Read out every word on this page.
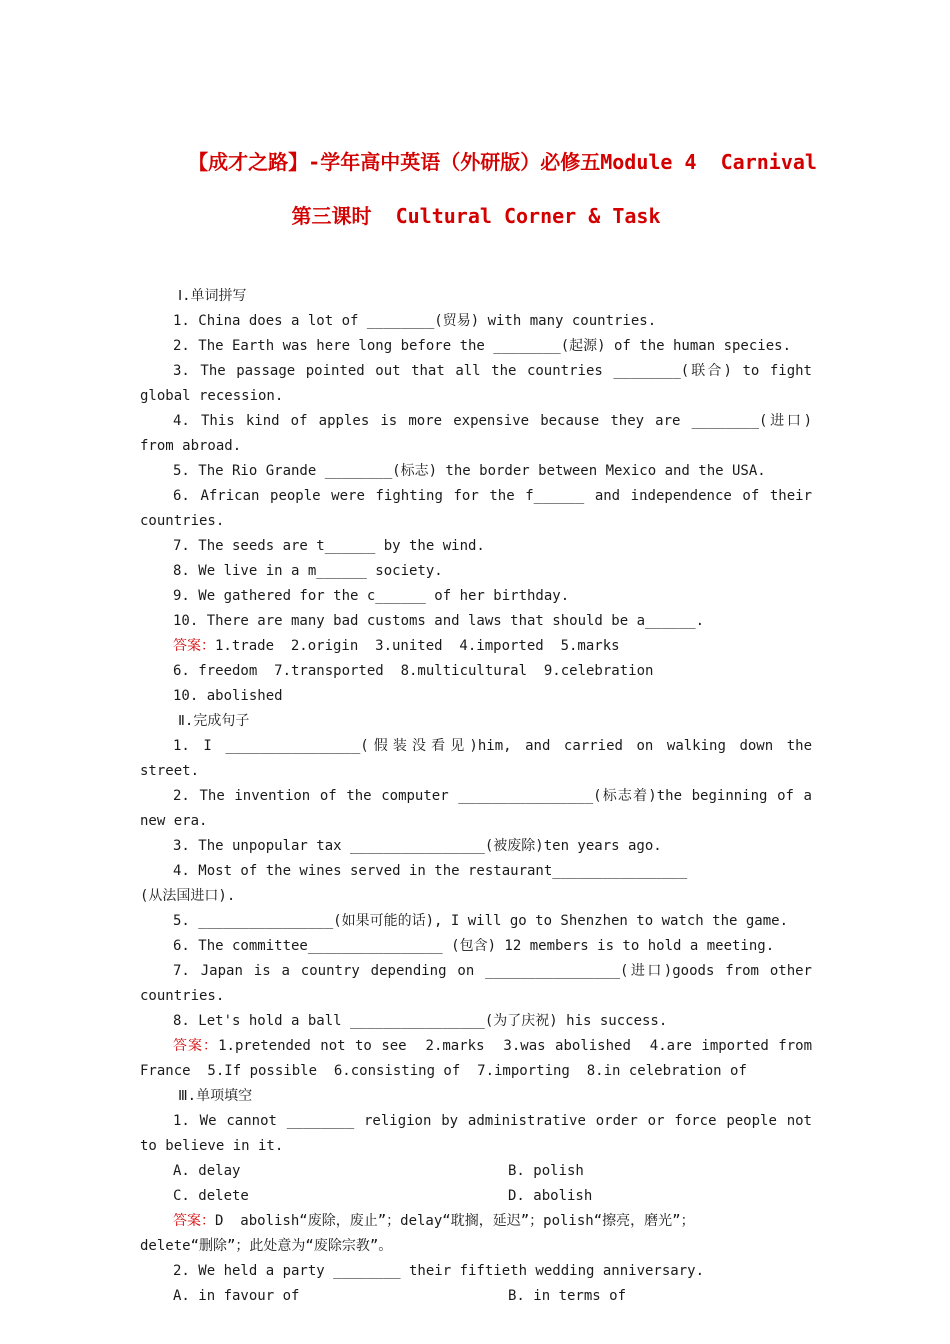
【成才之路】-学年高中英语（外研版）必修五Module 4  Carnival

第三课时  Cultural Corner & Task

Ⅰ.单词拼写
1. China does a lot of ________(贸易) with many countries.
2. The Earth was here long before the ________(起源) of the human species.
3. The passage pointed out that all the countries ________(联合) to fight
global recession.
4. This kind of apples is more expensive because they are ________(进口)
from abroad.
5. The Rio Grande ________(标志) the border between Mexico and the USA.
6. African people were fighting for the f______ and independence of their
countries.
7. The seeds are t______ by the wind.
8. We live in a m______ society.
9. We gathered for the c______ of her birthday.
10. There are many bad customs and laws that should be a______.
答案：1.trade  2.origin  3.united  4.imported  5.marks
6. freedom  7.transported  8.multicultural  9.celebration
10. abolished
Ⅱ.完成句子
1. I ________________(假装没看见)him, and carried on walking down the
street.
2. The invention of the computer ________________(标志着)the beginning of a
new era.
3. The unpopular tax ________________(被废除)ten years ago.
4. Most of the wines served in the restaurant________________
(从法国进口).
5. ________________(如果可能的话), I will go to Shenzhen to watch the game.
6. The committee________________ (包含) 12 members is to hold a meeting.
7. Japan is a country depending on ________________(进口)goods from other
countries.
8. Let's hold a ball ________________(为了庆祝) his success.
答案：1.pretended not to see  2.marks  3.was abolished  4.are imported from
France  5.If possible  6.consisting of  7.importing  8.in celebration of
Ⅲ.单项填空
1. We cannot ________ religion by administrative order or force people not
to believe in it.
A. delay	B. polish
C. delete	D. abolish
答案：D  abolish“废除，废止”；delay“耽搁，延迟”；polish“擦亮，磨光”；
delete“删除”；此处意为“废除宗教”。
2. We held a party ________ their fiftieth wedding anniversary.
A. in favour of	B. in terms of
